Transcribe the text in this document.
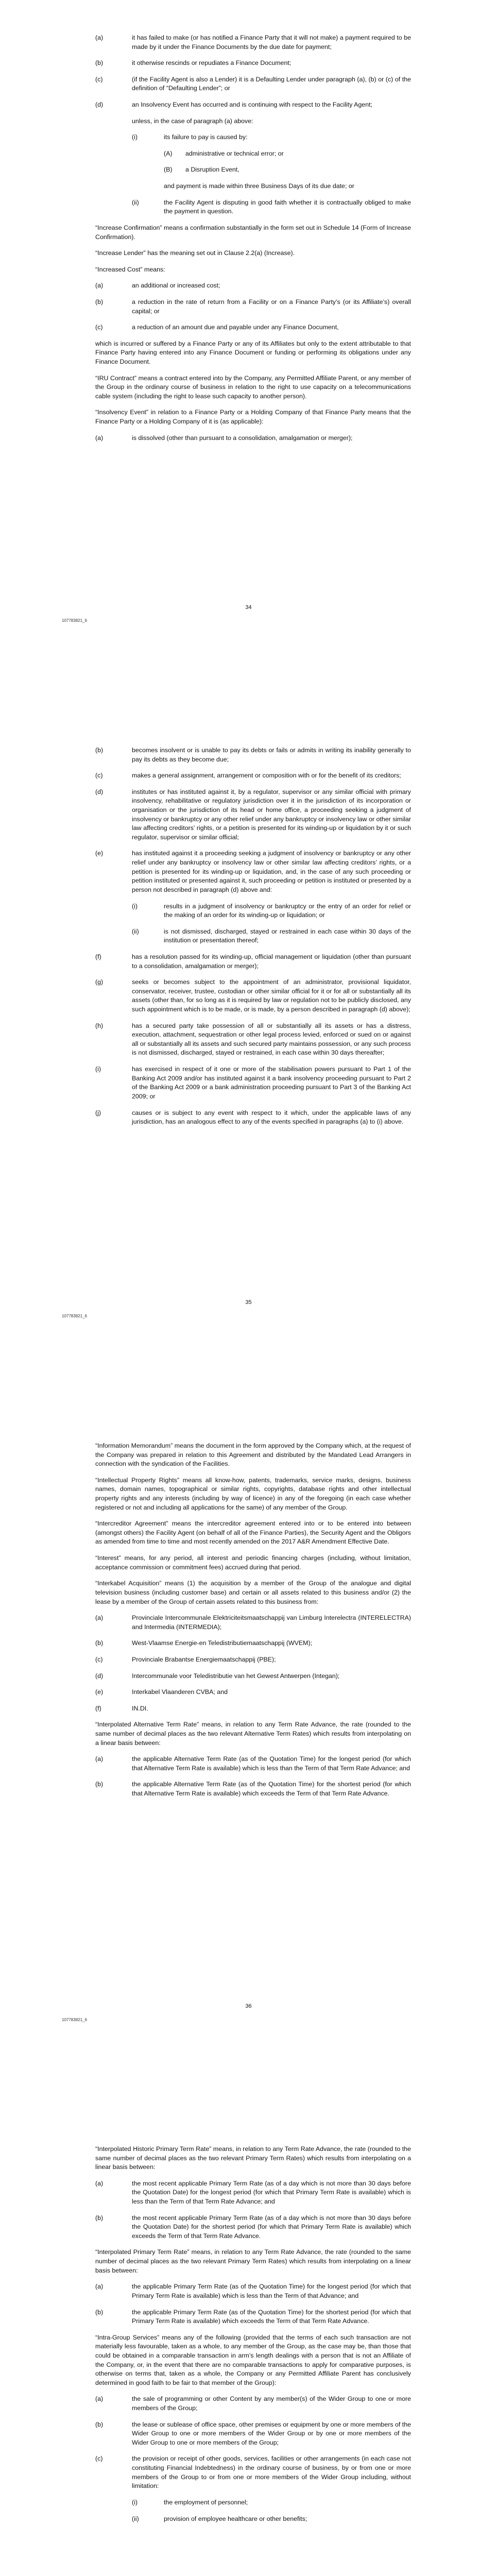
(a)	it has failed to make (or has notified a Finance Party that it will not make) a payment required to be made by it under the Finance Documents by the due date for payment;
(b)	it otherwise rescinds or repudiates a Finance Document;
(c)	(if the Facility Agent is also a Lender) it is a Defaulting Lender under paragraph (a), (b) or (c) of the definition of “Defaulting Lender”; or
(d)	an Insolvency Event has occurred and is continuing with respect to the Facility Agent;

unless, in the case of paragraph (a) above:

(i)	its failure to pay is caused by:
(A)	administrative or technical error; or
(B)	a Disruption Event,

and payment is made within three Business Days of its due date; or

(ii)	the Facility Agent is disputing in good faith whether it is contractually obliged to make the payment in question.

“Increase Confirmation” means a confirmation substantially in the form set out in Schedule 14 (Form of Increase Confirmation).

“Increase Lender” has the meaning set out in Clause 2.2(a) (Increase).

“Increased Cost” means:

(a)	an additional or increased cost;
(b)	a reduction in the rate of return from a Facility or on a Finance Party’s (or its Affiliate’s) overall capital; or
(c)	a reduction of an amount due and payable under any Finance Document,

which is incurred or suffered by a Finance Party or any of its Affiliates but only to the extent attributable to that Finance Party having entered into any Finance Document or funding or performing its obligations under any Finance Document.

“IRU Contract” means a contract entered into by the Company, any Permitted Affiliate Parent, or any member of the Group in the ordinary course of business in relation to the right to use capacity on a telecommunications cable system (including the right to lease such capacity to another person).

“Insolvency Event” in relation to a Finance Party or a Holding Company of that Finance Party means that the Finance Party or a Holding Company of it is (as applicable):

(a)	is dissolved (other than pursuant to a consolidation, amalgamation or merger);
34
107783821_6
(b)	becomes insolvent or is unable to pay its debts or fails or admits in writing its inability generally to pay its debts as they become due;
(c)	makes a general assignment, arrangement or composition with or for the benefit of its creditors;
(d)	institutes or has instituted against it, by a regulator, supervisor or any similar official with primary insolvency, rehabilitative or regulatory jurisdiction over it in the jurisdiction of its incorporation or organisation or the jurisdiction of its head or home office, a proceeding seeking a judgment of insolvency or bankruptcy or any other relief under any bankruptcy or insolvency law or other similar law affecting creditors’ rights, or a petition is presented for its winding-up or liquidation by it or such regulator, supervisor or similar official;
(e)	has instituted against it a proceeding seeking a judgment of insolvency or bankruptcy or any other relief under any bankruptcy or insolvency law or other similar law affecting creditors’ rights, or a petition is presented for its winding-up or liquidation, and, in the case of any such proceeding or petition instituted or presented against it, such proceeding or petition is instituted or presented by a person not described in paragraph (d) above and:
(i)	results in a judgment of insolvency or bankruptcy or the entry of an order for relief or the making of an order for its winding-up or liquidation; or
(ii)	is not dismissed, discharged, stayed or restrained in each case within 30 days of the institution or presentation thereof;
(f)	has a resolution passed for its winding-up, official management or liquidation (other than pursuant to a consolidation, amalgamation or merger);
(g)	seeks or becomes subject to the appointment of an administrator, provisional liquidator, conservator, receiver, trustee, custodian or other similar official for it or for all or substantially all its assets (other than, for so long as it is required by law or regulation not to be publicly disclosed, any such appointment which is to be made, or is made, by a person described in paragraph (d) above);
(h)	has a secured party take possession of all or substantially all its assets or has a distress, execution, attachment, sequestration or other legal process levied, enforced or sued on or against all or substantially all its assets and such secured party maintains possession, or any such process is not dismissed, discharged, stayed or restrained, in each case within 30 days thereafter;
(i)	has exercised in respect of it one or more of the stabilisation powers pursuant to Part 1 of the Banking Act 2009 and/or has instituted against it a bank insolvency proceeding pursuant to Part 2 of the Banking Act 2009 or a bank administration proceeding pursuant to Part 3 of the Banking Act 2009; or
(j)	causes or is subject to any event with respect to it which, under the applicable laws of any jurisdiction, has an analogous effect to any of the events specified in paragraphs (a) to (i) above.
35
107783821_6

“Information Memorandum” means the document in the form approved by the Company which, at the request of the Company was prepared in relation to this Agreement and distributed by the Mandated Lead Arrangers in connection with the syndication of the Facilities.

“Intellectual Property Rights” means all know-how, patents, trademarks, service marks, designs, business names, domain names, topographical or similar rights, copyrights, database rights and other intellectual property rights and any interests (including by way of licence) in any of the foregoing (in each case whether registered or not and including all applications for the same) of any member of the Group.

“Intercreditor Agreement” means the intercreditor agreement entered into or to be entered into between (amongst others) the Facility Agent (on behalf of all of the Finance Parties), the Security Agent and the Obligors as amended from time to time and most recently amended on the 2017 A&R Amendment Effective Date.

“Interest” means, for any period, all interest and periodic financing charges (including, without limitation, acceptance commission or commitment fees) accrued during that period.

“Interkabel Acquisition” means (1) the acquisition by a member of the Group of the analogue and digital television business (including customer base) and certain or all assets related to this business and/or (2) the lease by a member of the Group of certain assets related to this business from:

(a)	Provinciale Intercommunale Elektriciteitsmaatschappij van Limburg Interelectra (INTERELECTRA) and Intermedia (INTERMEDIA);
(b)	West-Vlaamse Energie-en Teledistributiemaatschappij (WVEM);
(c)	Provinciale Brabantse Energiemaatschappij (PBE);
(d)	Intercommunale voor Teledistributie van het Gewest Antwerpen (Integan);
(e)	Interkabel Vlaanderen CVBA; and
(f)	IN.DI.

“Interpolated Alternative Term Rate” means, in relation to any Term Rate Advance, the rate (rounded to the same number of decimal places as the two relevant Alternative Term Rates) which results from interpolating on a linear basis between:

(a)	the applicable Alternative Term Rate (as of the Quotation Time) for the longest period (for which that Alternative Term Rate is available) which is less than the Term of that Term Rate Advance; and
(b)	the applicable Alternative Term Rate (as of the Quotation Time) for the shortest period (for which that Alternative Term Rate is available) which exceeds the Term of that Term Rate Advance.
36
107783821_6

“Interpolated Historic Primary Term Rate” means, in relation to any Term Rate Advance, the rate (rounded to the same number of decimal places as the two relevant Primary Term Rates) which results from interpolating on a linear basis between:

(a)	the most recent applicable Primary Term Rate (as of a day which is not more than 30 days before the Quotation Date) for the longest period (for which that Primary Term Rate is available) which is less than the Term of that Term Rate Advance; and
(b)	the most recent applicable Primary Term Rate (as of a day which is not more than 30 days before the Quotation Date) for the shortest period (for which that Primary Term Rate is available) which exceeds the Term of that Term Rate Advance.

“Interpolated Primary Term Rate” means, in relation to any Term Rate Advance, the rate (rounded to the same number of decimal places as the two relevant Primary Term Rates) which results from interpolating on a linear basis between:

(a)	the applicable Primary Term Rate (as of the Quotation Time) for the longest period (for which that Primary Term Rate is available) which is less than the Term of that Advance; and
(b)	the applicable Primary Term Rate (as of the Quotation Time) for the shortest period (for which that Primary Term Rate is available) which exceeds the Term of that Term Rate Advance.

“Intra-Group Services” means any of the following (provided that the terms of each such transaction are not materially less favourable, taken as a whole, to any member of the Group, as the case may be, than those that could be obtained in a comparable transaction in arm’s length dealings with a person that is not an Affiliate of the Company, or, in the event that there are no comparable transactions to apply for comparative purposes, is otherwise on terms that, taken as a whole, the Company or any Permitted Affiliate Parent has conclusively determined in good faith to be fair to that member of the Group):

(a)	the sale of programming or other Content by any member(s) of the Wider Group to one or more members of the Group;
(b)	the lease or sublease of office space, other premises or equipment by one or more members of the Wider Group to one or more members of the Wider Group or by one or more members of the Wider Group to one or more members of the Group;
(c)	the provision or receipt of other goods, services, facilities or other arrangements (in each case not constituting Financial Indebtedness) in the ordinary course of business, by or from one or more members of the Group to or from one or more members of the Wider Group including, without limitation:
(i)	the employment of personnel;
(ii)	provision of employee healthcare or other benefits;
